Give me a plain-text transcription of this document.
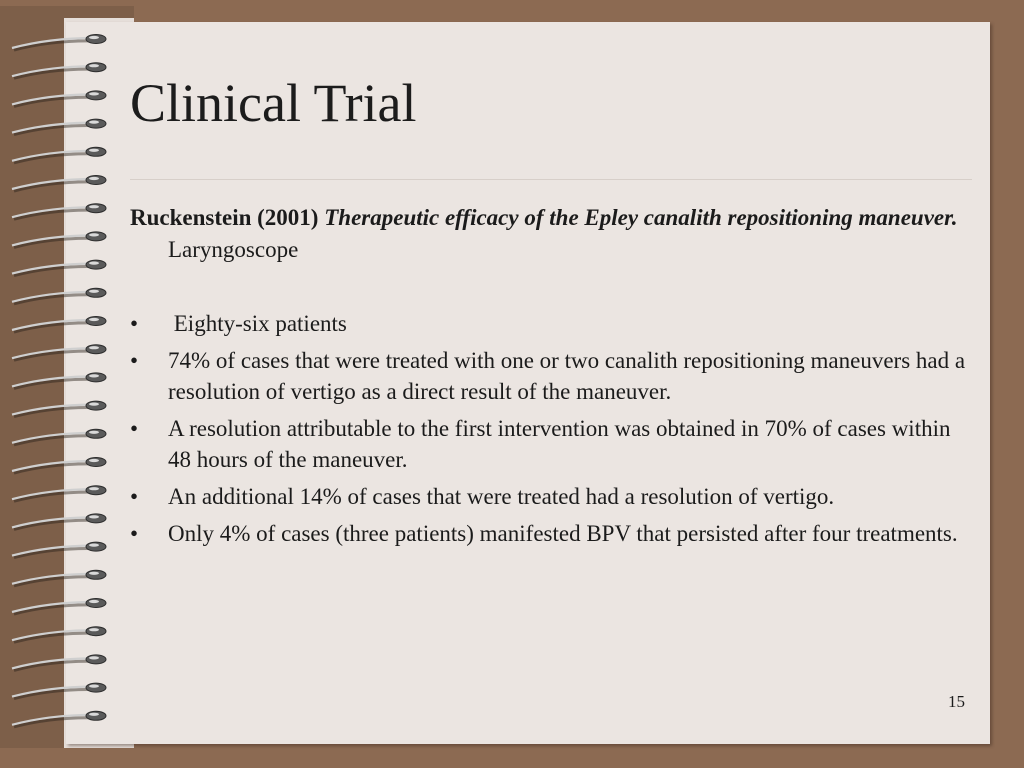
Clinical Trial
Ruckenstein (2001) Therapeutic efficacy of the Epley canalith repositioning maneuver. Laryngoscope
• Eighty-six patients
• 74% of cases that were treated with one or two canalith repositioning maneuvers had a resolution of vertigo as a direct result of the maneuver.
• A resolution attributable to the first intervention was obtained in 70% of cases within 48 hours of the maneuver.
• An additional 14% of cases that were treated had a resolution of vertigo.
• Only 4% of cases (three patients) manifested BPV that persisted after four treatments.
15
